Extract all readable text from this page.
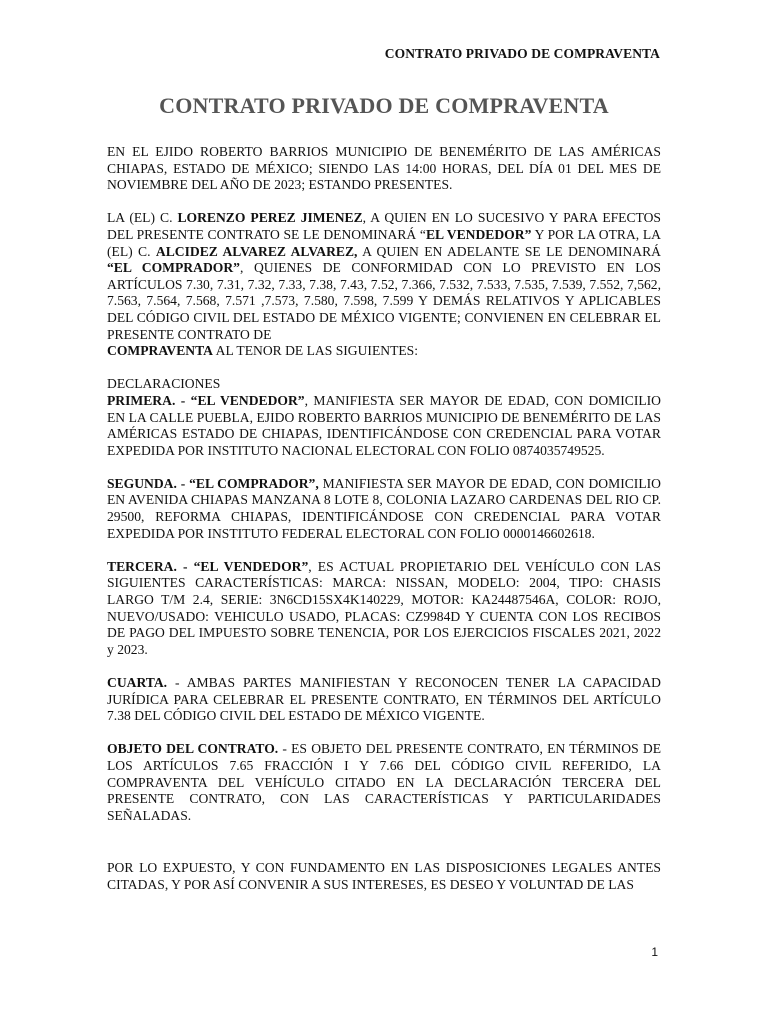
CONTRATO PRIVADO DE COMPRAVENTA
CONTRATO PRIVADO DE COMPRAVENTA

EN EL EJIDO ROBERTO BARRIOS MUNICIPIO DE BENEMÉRITO DE LAS AMÉRICAS CHIAPAS, ESTADO DE MÉXICO; SIENDO LAS 14:00 HORAS, DEL DÍA 01 DEL MES DE NOVIEMBRE DEL AÑO DE 2023; ESTANDO PRESENTES.

LA (EL) C. LORENZO PEREZ JIMENEZ, A QUIEN EN LO SUCESIVO Y PARA EFECTOS DEL PRESENTE CONTRATO SE LE DENOMINARÁ “EL VENDEDOR” Y POR LA OTRA, LA (EL) C. ALCIDEZ ALVAREZ ALVAREZ, A QUIEN EN ADELANTE SE LE DENOMINARÁ “EL COMPRADOR”, QUIENES DE CONFORMIDAD CON LO PREVISTO EN LOS ARTÍCULOS 7.30, 7.31, 7.32, 7.33, 7.38, 7.43, 7.52, 7.366, 7.532, 7.533, 7.535, 7.539, 7.552, 7,562, 7.563, 7.564, 7.568, 7.571 ,7.573, 7.580, 7.598, 7.599 Y DEMÁS RELATIVOS Y APLICABLES DEL CÓDIGO CIVIL DEL ESTADO DE MÉXICO VIGENTE; CONVIENEN EN CELEBRAR EL PRESENTE CONTRATO DE

COMPRAVENTA AL TENOR DE LAS SIGUIENTES:

DECLARACIONES

PRIMERA. - “EL VENDEDOR”, MANIFIESTA SER MAYOR DE EDAD, CON DOMICILIO EN LA CALLE PUEBLA, EJIDO ROBERTO BARRIOS MUNICIPIO DE BENEMÉRITO DE LAS AMÉRICAS ESTADO DE CHIAPAS, IDENTIFICÁNDOSE CON CREDENCIAL PARA VOTAR EXPEDIDA POR INSTITUTO NACIONAL ELECTORAL CON FOLIO 0874035749525.

SEGUNDA. - “EL COMPRADOR”, MANIFIESTA SER MAYOR DE EDAD, CON DOMICILIO EN AVENIDA CHIAPAS MANZANA 8 LOTE 8, COLONIA LAZARO CARDENAS DEL RIO CP. 29500, REFORMA CHIAPAS, IDENTIFICÁNDOSE CON CREDENCIAL PARA VOTAR EXPEDIDA POR INSTITUTO FEDERAL ELECTORAL CON FOLIO 0000146602618.

TERCERA. - “EL VENDEDOR”, ES ACTUAL PROPIETARIO DEL VEHÍCULO CON LAS SIGUIENTES CARACTERÍSTICAS: MARCA: NISSAN, MODELO: 2004, TIPO: CHASIS LARGO T/M 2.4, SERIE: 3N6CD15SX4K140229, MOTOR: KA24487546A, COLOR: ROJO, NUEVO/USADO: VEHICULO USADO, PLACAS: CZ9984D Y CUENTA CON LOS RECIBOS DE PAGO DEL IMPUESTO SOBRE TENENCIA, POR LOS EJERCICIOS FISCALES 2021, 2022 y 2023.

CUARTA. - AMBAS PARTES MANIFIESTAN Y RECONOCEN TENER LA CAPACIDAD JURÍDICA PARA CELEBRAR EL PRESENTE CONTRATO, EN TÉRMINOS DEL ARTÍCULO 7.38 DEL CÓDIGO CIVIL DEL ESTADO DE MÉXICO VIGENTE.

OBJETO DEL CONTRATO. - ES OBJETO DEL PRESENTE CONTRATO, EN TÉRMINOS DE LOS ARTÍCULOS 7.65 FRACCIÓN I Y 7.66 DEL CÓDIGO CIVIL REFERIDO, LA COMPRAVENTA DEL VEHÍCULO CITADO EN LA DECLARACIÓN TERCERA DEL PRESENTE CONTRATO, CON LAS CARACTERÍSTICAS Y PARTICULARIDADES SEÑALADAS.

POR LO EXPUESTO, Y CON FUNDAMENTO EN LAS DISPOSICIONES LEGALES ANTES CITADAS, Y POR ASÍ CONVENIR A SUS INTERESES, ES DESEO Y VOLUNTAD DE LAS

1
